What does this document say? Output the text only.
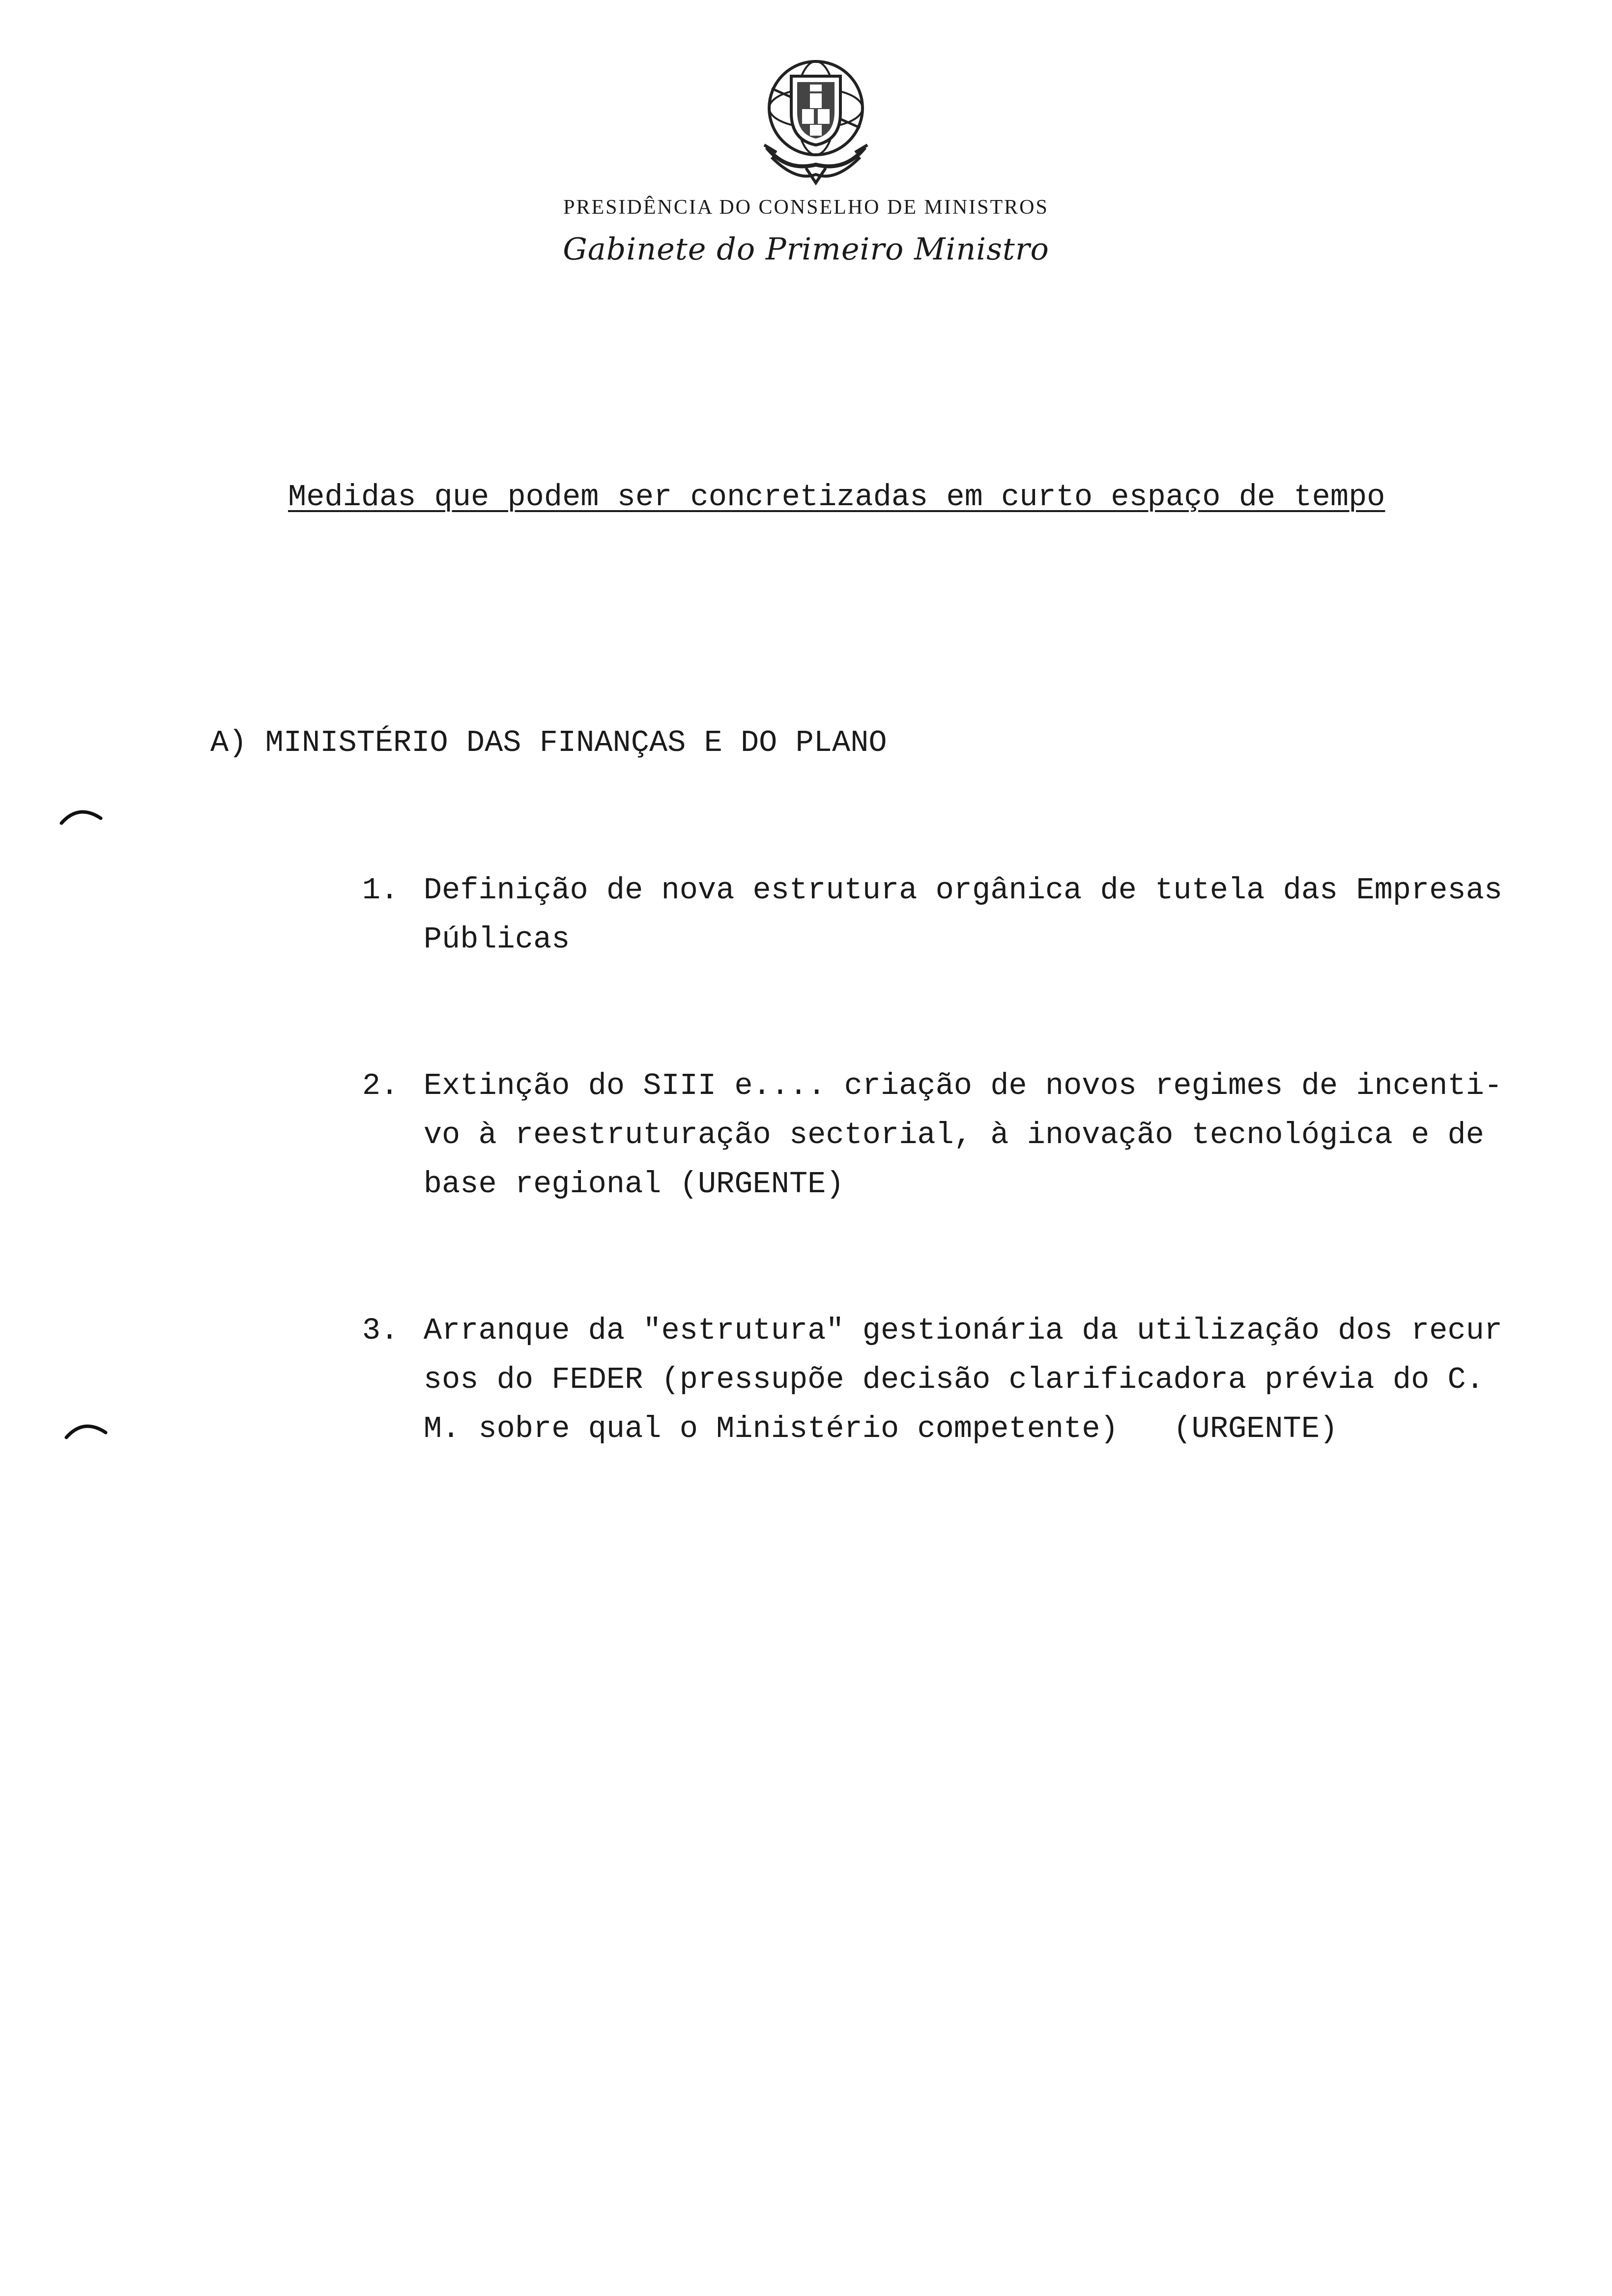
PRESIDÊNCIA DO CONSELHO DE MINISTROS
Gabinete do Primeiro Ministro
Medidas que podem ser concretizadas em curto espaço de tempo
A) MINISTÉRIO DAS FINANÇAS E DO PLANO

1. Definição de nova estrutura orgânica de tutela das Empresas
Públicas

2. Extinção do SIII e.... criação de novos regimes de incenti-
vo à reestruturação sectorial, à inovação tecnológica e de
base regional (URGENTE)

3. Arranque da "estrutura" gestionária da utilização dos recur
sos do FEDER (pressupõe decisão clarificadora prévia do C.
M. sobre qual o Ministério competente)   (URGENTE)
